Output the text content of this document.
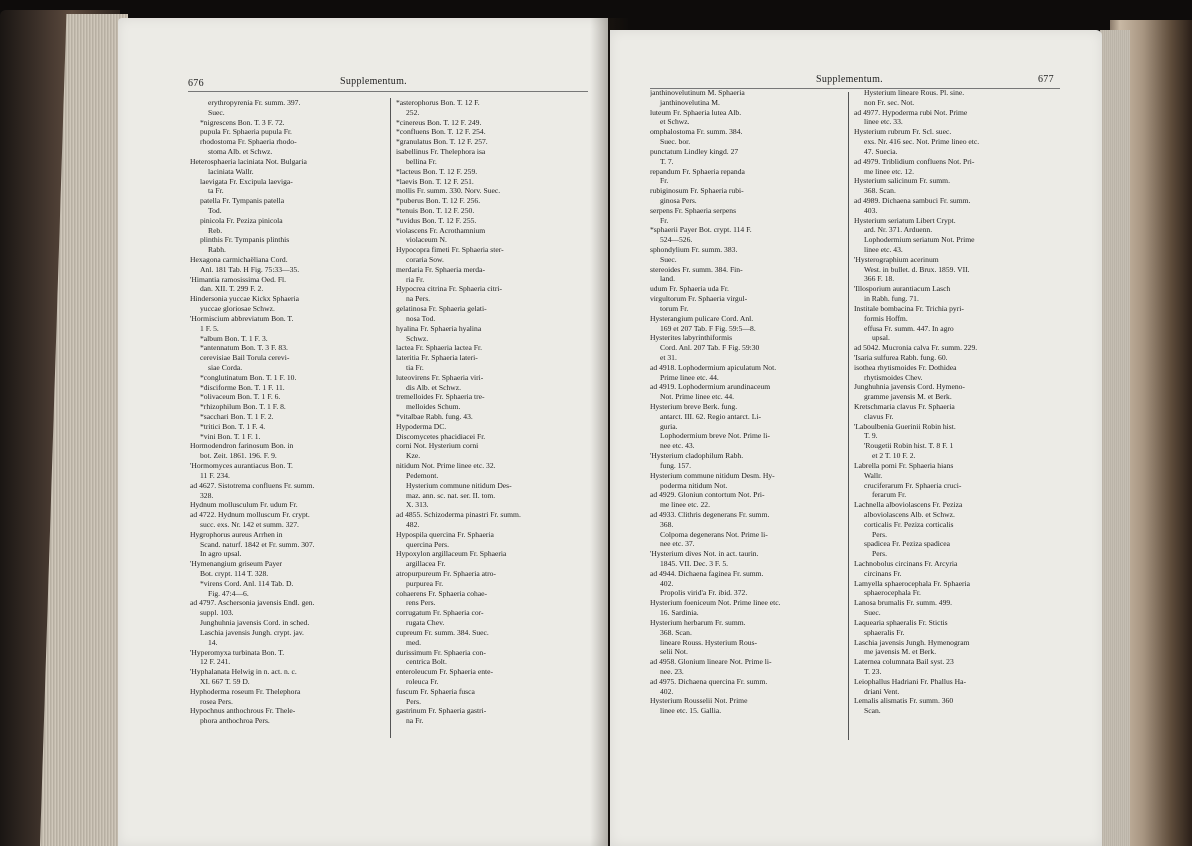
676	Supplementum.
erythropyrenia Fr. summ. 397.
Suec.
*nigrescens Bon. T. 3 F. 72.
pupula Fr. Sphaeria pupula Fr.
rhodostoma Fr. Sphaeria rhodo-
stoma Alb. et Schwz.
Heterosphaeria laciniata Not. Bulgaria
laciniata Wallr.
laevigata Fr. Excipula laeviga-
ta Fr.
patella Fr. Tympanis patella
Tod.
pinicola Fr. Peziza pinicola
Reb.
plinthis Fr. Tympanis plinthis
Rabh.
Hexagona carmichaëliana Cord.
Anl. 181 Tab. H Fig. 75:33—35.
'Himantia ramosissima Oed. Fl.
dan. XII. T. 299 F. 2.
Hindersonia yuccae Kickx Sphaeria
yuccae gloriosae Schwz.
'Hormiscium abbreviatum Bon. T.
1 F. 5.
*album Bon. T. 1 F. 3.
*antennatum Bon. T. 3 F. 83.
cerevisiae Bail Torula cerevi-
siae Corda.
*conglutinatum Bon. T. 1 F. 10.
*disciforme Bon. T. 1 F. 11.
*olivaceum Bon. T. 1 F. 6.
*rhizophilum Bon. T. 1 F. 8.
*sacchari Bon. T. 1 F. 2.
*tritici Bon. T. 1 F. 4.
*vini Bon. T. 1 F. 1.
Hormodendron farinosum Bon. in
bot. Zeit. 1861. 196. F. 9.
'Hormomyces aurantiacus Bon. T.
11 F. 234.
ad 4627. Sistotrema confluens Fr. summ.
328.
Hydnum mollusculum Fr. udum Fr.
ad 4722. Hydnum molluscum Fr. crypt.
succ. exs. Nr. 142 et summ. 327.
Hygrophorus aureus Arrhen in
Scand. naturf. 1842 et Fr. summ. 307.
In agro upsal.
'Hymenangium griseum Payer
Bot. crypt. 114 T. 328.
*virens Cord. Anl. 114 Tab. D.
Fig. 47:4—6.
ad 4797. Aschersonia javensis Endl. gen.
suppl. 103.
Junghuhnia javensis Cord. in sched.
Laschia javensis Jungh. crypt. jav.
14.
'Hyperomyxa turbinata Bon. T.
12 F. 241.
'Hyphalanata Helwig in n. act. n. c.
XI. 667 T. 59 D.
Hyphoderma roseum Fr. Thelephora
rosea Pers.
Hypochnus anthochrous Fr. Thele-
phora anthochroa Pers.
*asterophorus Bon. T. 12 F.
252.
*cinereus Bon. T. 12 F. 249.
*confluens Bon. T. 12 F. 254.
*granulatus Bon. T. 12 F. 257.
isabellinus Fr. Thelephora isa
bellina Fr.
*lacteus Bon. T. 12 F. 259.
*laevis Bon. T. 12 F. 251.
mollis Fr. summ. 330. Norv. Suec.
*puberus Bon. T. 12 F. 256.
*tenuis Bon. T. 12 F. 250.
*uvidus Bon. T. 12 F. 255.
violascens Fr. Acrothamnium
violaceum N.
Hypocopra fimeti Fr. Sphaeria ster-
coraria Sow.
merdaria Fr. Sphaeria merda-
ria Fr.
Hypocrea citrina Fr. Sphaeria citri-
na Pers.
gelatinosa Fr. Sphaeria gelati-
nosa Tod.
hyalina Fr. Sphaeria hyalina
Schwz.
lactea Fr. Sphaeria lactea Fr.
lateritia Fr. Sphaeria lateri-
tia Fr.
luteovirens Fr. Sphaeria viri-
dis Alb. et Schwz.
tremelloides Fr. Sphaeria tre-
melloides Schum.
*vitalbae Rabh. fung. 43.
Hypoderma DC.
Discomycetes phacidiacei Fr.
corni Not. Hysterium corni
Kze.
nitidum Not. Prime linee etc. 32.
Pedemont.
Hysterium commune nitidum Des-
maz. ann. sc. nat. ser. II. tom.
X. 313.
ad 4855. Schizoderma pinastri Fr. summ.
482.
Hypospila quercina Fr. Sphaeria
quercina Pers.
Hypoxylon argillaceum Fr. Sphaeria
argillacea Fr.
atropurpureum Fr. Sphaeria atro-
purpurea Fr.
cohaerens Fr. Sphaeria cohae-
rens Pers.
corrugatum Fr. Sphaeria cor-
rugata Chev.
cupreum Fr. summ. 384. Suec.
med.
durissimum Fr. Sphaeria con-
centrica Bolt.
enteroleucum Fr. Sphaeria ente-
roleuca Fr.
fuscum Fr. Sphaeria fusca
Pers.
gastrinum Fr. Sphaeria gastri-
na Fr.
Supplementum.	677
janthinovelutinum M. Sphaeria
janthinovelutina M.
luteum Fr. Sphaeria lutea Alb.
et Schwz.
omphalostoma Fr. summ. 384.
Suec. bor.
punctatum Lindley kingd. 27
T. 7.
repandum Fr. Sphaeria repanda
Fr.
rubiginosum Fr. Sphaeria rubi-
ginosa Pers.
serpens Fr. Sphaeria serpens
Fr.
*sphaerii Payer Bot. crypt. 114 F.
524—526.
sphondylium Fr. summ. 383.
Suec.
stereoides Fr. summ. 384. Fin-
land.
udum Fr. Sphaeria uda Fr.
virgultorum Fr. Sphaeria virgul-
torum Fr.
Hysterangium pulicare Cord. Anl.
169 et 207 Tab. F Fig. 59:5—8.
Hysterites labyrinthiformis
Cord. Anl. 207 Tab. F Fig. 59:30
et 31.
ad 4918. Lophodermium apiculatum Not.
Prime linee etc. 44.
ad 4919. Lophodermium arundinaceum
Not. Prime linee etc. 44.
Hysterium breve Berk. fung.
antarct. III. 62. Regio antarct. Li-
guria.
Lophodermium breve Not. Prime li-
nee etc. 43.
'Hysterium cladophilum Rabh.
fung. 157.
Hysterium commune nitidum Desm. Hy-
poderma nitidum Not.
ad 4929. Gloniun contortum Not. Pri-
me linee etc. 22.
ad 4933. Clithris degenerans Fr. summ.
368.
Colpoma degenerans Not. Prime li-
nee etc. 37.
'Hysterium dives Not. in act. taurin.
1845. VII. Dec. 3 F. 5.
ad 4944. Dichaena faginea Fr. summ.
402.
Propolis virid'a Fr. ibid. 372.
Hysterium foeniceum Not. Prime linee etc.
16. Sardinia.
Hysterium herbarum Fr. summ.
368. Scan.
lineare Rouss. Hysterium Rous-
selii Not.
ad 4958. Glonium lineare Not. Prime li-
nee. 23.
ad 4975. Dichaena quercina Fr. summ.
402.
Hysterium Rousselii Not. Prime
linee etc. 15. Gallia.
Hysterium lineare Rous. Pl. sine.
non Fr. sec. Not.
ad 4977. Hypoderma rubi Not. Prime
linee etc. 33.
Hysterium rubrum Fr. Scl. suec.
exs. Nr. 416 sec. Not. Prime lineo etc.
47. Suecia.
ad 4979. Triblidium confluens Not. Pri-
me linee etc. 12.
Hysterium salicinum Fr. summ.
368. Scan.
ad 4989. Dichaena sambuci Fr. summ.
403.
Hysterium seriatum Libert Crypt.
ard. Nr. 371. Arduenn.
Lophodermium seriatum Not. Prime
linee etc. 43.
'Hysterographium acerinum
West. in bullet. d. Brux. 1859. VII.
366 F. 18.
'Illosporium aurantiacum Lasch
in Rabh. fung. 71.
Institale bombacina Fr. Trichia pyri-
formis Hoffm.
effusa Fr. summ. 447. In agro
upsal.
ad 5042. Mucronia calva Fr. summ. 229.
'Isaria sulfurea Rabh. fung. 60.
isothea rhytismoides Fr. Dothidea
rhytismoides Chev.
Junghuhnia javensis Cord. Hymeno-
gramme javensis M. et Berk.
Kretschmaria clavus Fr. Sphaeria
clavus Fr.
'Laboulbenia Guerinii Robin hist.
T. 9.
'Rougetii Robin hist. T. 8 F. 1
et 2 T. 10 F. 2.
Labrella pomi Fr. Sphaeria hians
Wallr.
cruciferarum Fr. Sphaeria cruci-
ferarum Fr.
Lachnella alboviolascens Fr. Peziza
alboviolascens Alb. et Schwz.
corticalis Fr. Peziza corticalis
Pers.
spadicea Fr. Peziza spadicea
Pers.
Lachnobolus circinans Fr. Arcyria
circinans Fr.
Lamyella sphaerocephala Fr. Sphaeria
sphaerocephala Fr.
Lanosa brumalis Fr. summ. 499.
Suec.
Laquearia sphaeralis Fr. Stictis
sphaeralis Fr.
Laschia javensis Jungh. Hymenogram
me javensis M. et Berk.
Laternea columnata Bail syst. 23
T. 23.
Leiophallus Hadriani Fr. Phallus Ha-
driani Vent.
Lemalis alismatis Fr. summ. 360
Scan.
